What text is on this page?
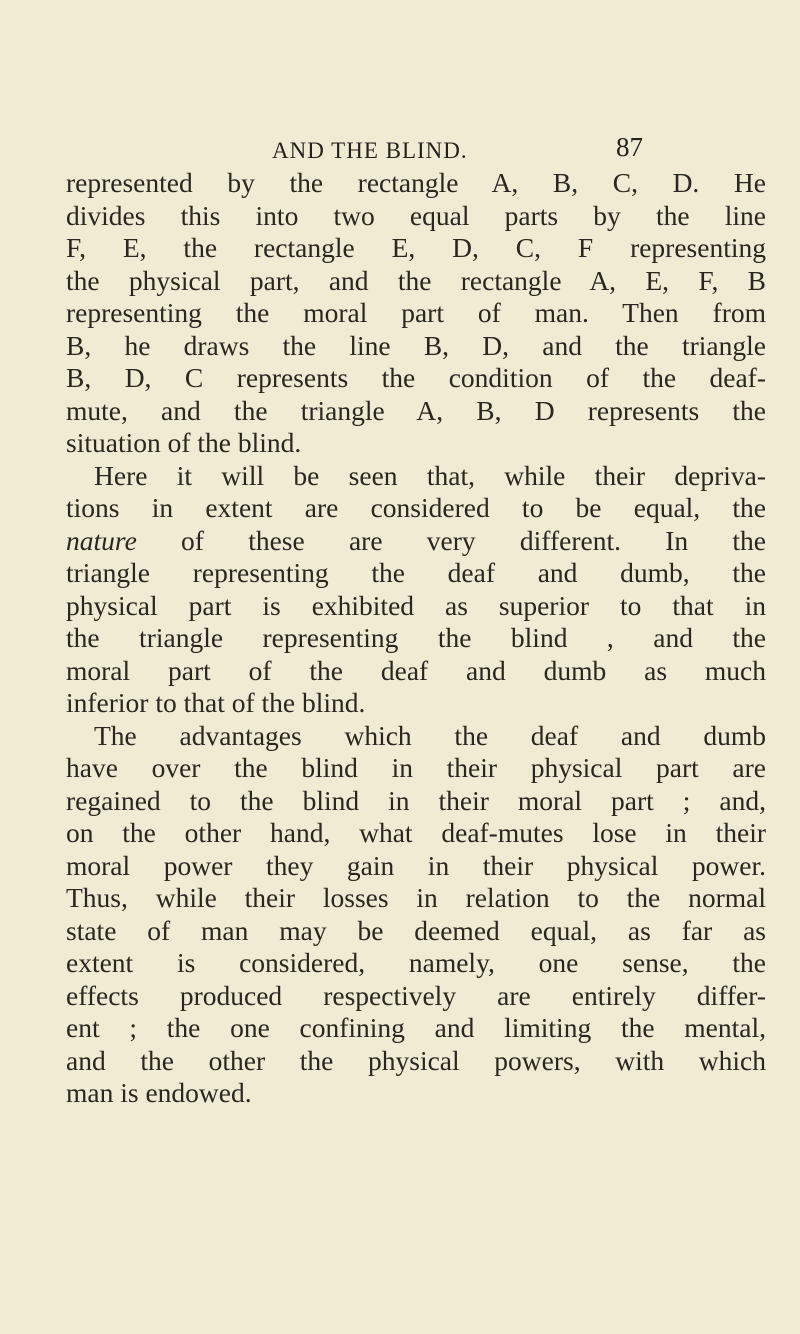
AND THE BLIND.	87
represented by the rectangle A, B, C, D. He
divides this into two equal parts by the line
F, E, the rectangle E, D, C, F representing
the physical part, and the rectangle A, E, F, B
representing the moral part of man. Then from
B, he draws the line B, D, and the triangle
B, D, C represents the condition of the deaf-
mute, and the triangle A, B, D represents the
situation of the blind.
Here it will be seen that, while their depriva-
tions in extent are considered to be equal, the
nature of these are very different. In the
triangle representing the deaf and dumb, the
physical part is exhibited as superior to that in
the triangle representing the blind , and the
moral part of the deaf and dumb as much
inferior to that of the blind.
The advantages which the deaf and dumb
have over the blind in their physical part are
regained to the blind in their moral part ; and,
on the other hand, what deaf-mutes lose in their
moral power they gain in their physical power.
Thus, while their losses in relation to the normal
state of man may be deemed equal, as far as
extent is considered, namely, one sense, the
effects produced respectively are entirely differ-
ent ; the one confining and limiting the mental,
and the other the physical powers, with which
man is endowed.
